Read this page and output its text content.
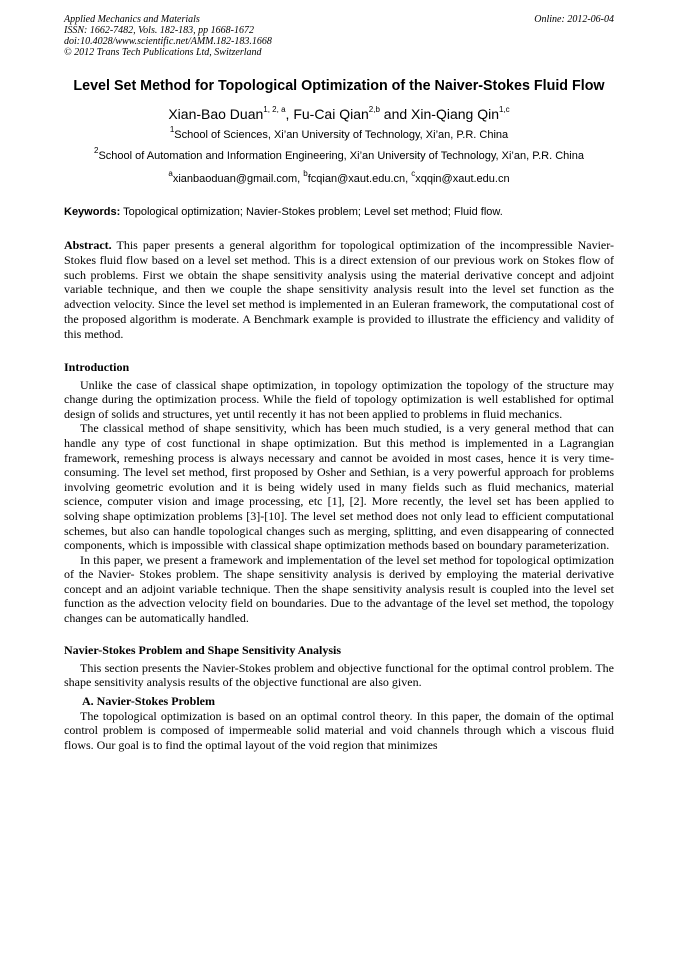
Applied Mechanics and Materials
ISSN: 1662-7482, Vols. 182-183, pp 1668-1672
doi:10.4028/www.scientific.net/AMM.182-183.1668
© 2012 Trans Tech Publications Ltd, Switzerland
Online: 2012-06-04
Level Set Method for Topological Optimization of the Naiver-Stokes Fluid Flow
Xian-Bao Duan$^{1, 2, a}$, Fu-Cai Qian$^{2,b}$ and Xin-Qiang Qin$^{1,c}$
$^1$School of Sciences, Xi’an University of Technology, Xi’an, P.R. China
$^2$School of Automation and Information Engineering, Xi’an University of Technology, Xi’an, P.R. China
$^a$xianbaoduan@gmail.com, $^b$fcqian@xaut.edu.cn, $^c$xqqin@xaut.edu.cn
Keywords: Topological optimization; Navier-Stokes problem; Level set method; Fluid flow.
Abstract. This paper presents a general algorithm for topological optimization of the incompressible Navier-Stokes fluid flow based on a level set method. This is a direct extension of our previous work on Stokes flow of such problems. First we obtain the shape sensitivity analysis using the material derivative concept and adjoint variable technique, and then we couple the shape sensitivity analysis result into the level set function as the advection velocity. Since the level set method is implemented in an Euleran framework, the computational cost of the proposed algorithm is moderate. A Benchmark example is provided to illustrate the efficiency and validity of this method.
Introduction

Unlike the case of classical shape optimization, in topology optimization the topology of the structure may change during the optimization process. While the field of topology optimization is well established for optimal design of solids and structures, yet until recently it has not been applied to problems in fluid mechanics.

The classical method of shape sensitivity, which has been much studied, is a very general method that can handle any type of cost functional in shape optimization. But this method is implemented in a Lagrangian framework, remeshing process is always necessary and cannot be avoided in most cases, hence it is very time-consuming. The level set method, first proposed by Osher and Sethian, is a very powerful approach for problems involving geometric evolution and it is being widely used in many fields such as fluid mechanics, material science, computer vision and image processing, etc [1], [2]. More recently, the level set has been applied to solving shape optimization problems [3]-[10]. The level set method does not only lead to efficient computational schemes, but also can handle topological changes such as merging, splitting, and even disappearing of connected components, which is impossible with classical shape optimization methods based on boundary parameterization.

In this paper, we present a framework and implementation of the level set method for topological optimization of the Navier- Stokes problem. The shape sensitivity analysis is derived by employing the material derivative concept and an adjoint variable technique. Then the shape sensitivity analysis result is coupled into the level set function as the advection velocity field on boundaries. Due to the advantage of the level set method, the topology changes can be automatically handled.

Navier-Stokes Problem and Shape Sensitivity Analysis

This section presents the Navier-Stokes problem and objective functional for the optimal control problem. The shape sensitivity analysis results of the objective functional are also given.

A. Navier-Stokes Problem

The topological optimization is based on an optimal control theory. In this paper, the domain of the optimal control problem is composed of impermeable solid material and void channels through which a viscous fluid flows. Our goal is to find the optimal layout of the void region that minimizes
